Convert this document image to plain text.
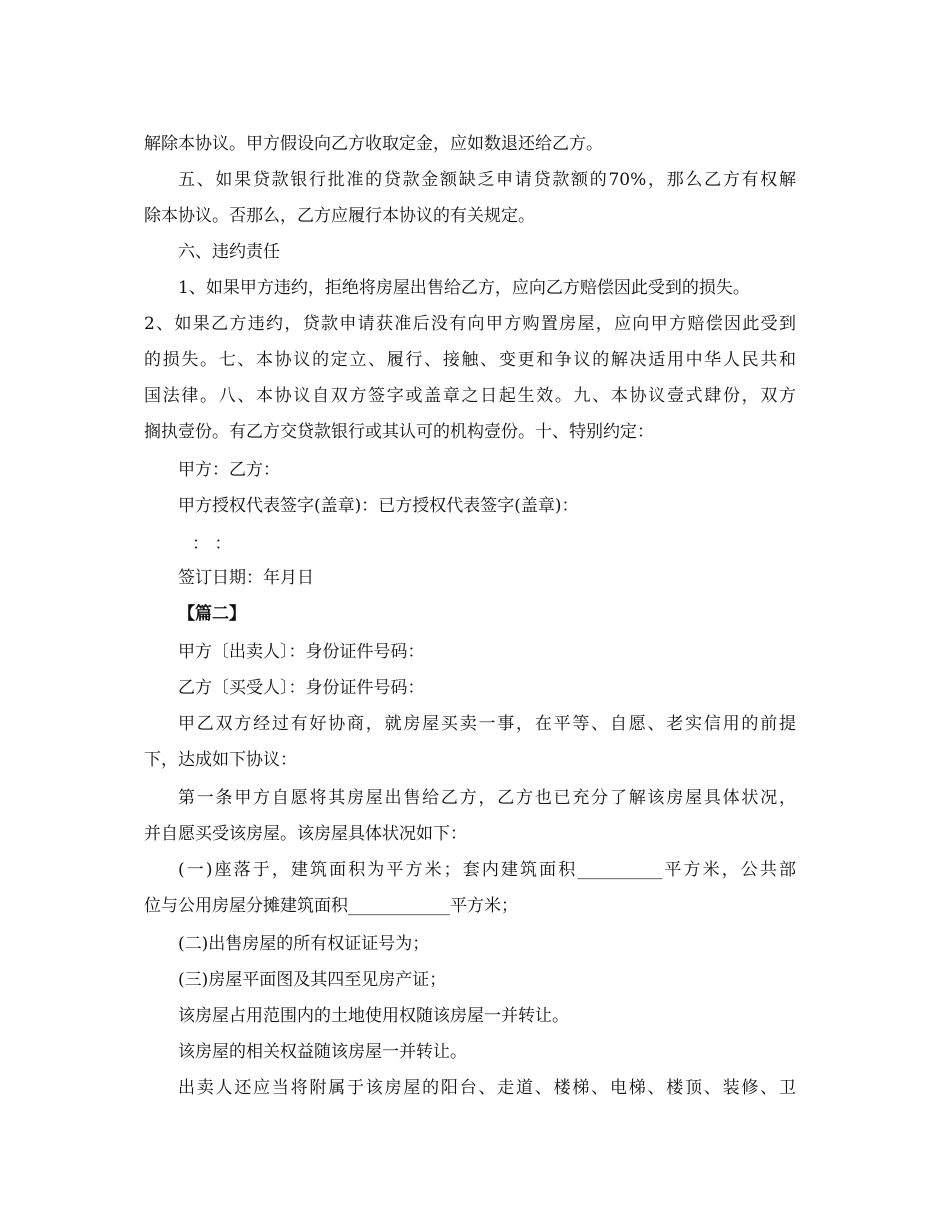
解除本协议。甲方假设向乙方收取定金，应如数退还给乙方。
五、如果贷款银行批准的贷款金额缺乏申请贷款额的70%，那么乙方有权解
除本协议。否那么，乙方应履行本协议的有关规定。
六、违约责任
1、如果甲方违约，拒绝将房屋出售给乙方，应向乙方赔偿因此受到的损失。
2、如果乙方违约，贷款申请获准后没有向甲方购置房屋，应向甲方赔偿因此受到
的损失。七、本协议的定立、履行、接触、变更和争议的解决适用中华人民共和
国法律。八、本协议自双方签字或盖章之日起生效。九、本协议壹式肆份，双方
搁执壹份。有乙方交贷款银行或其认可的机构壹份。十、特别约定：
甲方：乙方：
甲方授权代表签字(盖章)：已方授权代表签字(盖章)：
：：
签订日期：年月日
【篇二】
甲方〔出卖人〕：身份证件号码：
乙方〔买受人〕：身份证件号码：
甲乙双方经过有好协商，就房屋买卖一事，在平等、自愿、老实信用的前提
下，达成如下协议：
第一条甲方自愿将其房屋出售给乙方，乙方也已充分了解该房屋具体状况，
并自愿买受该房屋。该房屋具体状况如下：
(一)座落于，建筑面积为平方米；套内建筑面积__________平方米，公共部
位与公用房屋分摊建筑面积____________平方米；
(二)出售房屋的所有权证证号为；
(三)房屋平面图及其四至见房产证；
该房屋占用范围内的土地使用权随该房屋一并转让。
该房屋的相关权益随该房屋一并转让。
出卖人还应当将附属于该房屋的阳台、走道、楼梯、电梯、楼顶、装修、卫
